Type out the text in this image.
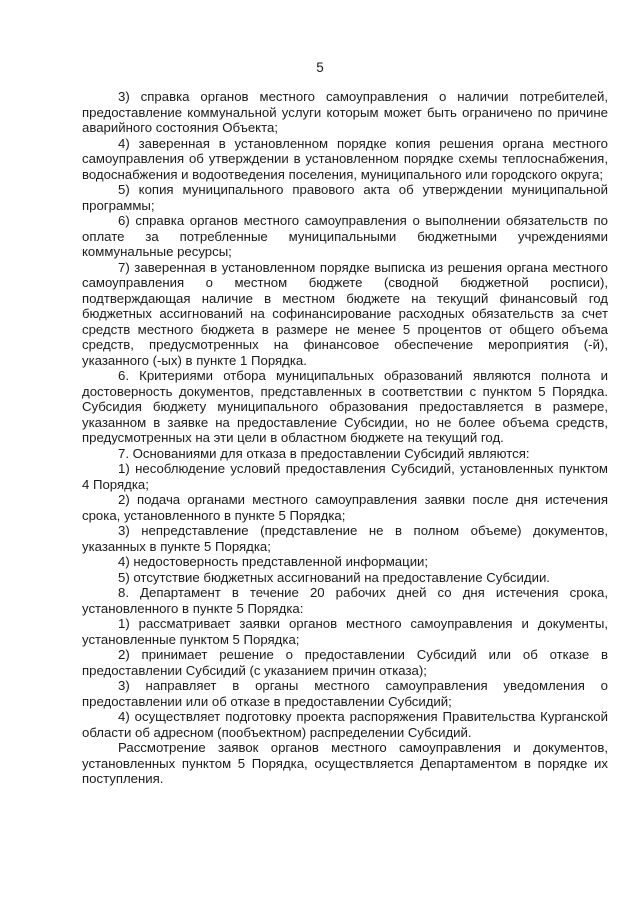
5

3) справка органов местного самоуправления о наличии потребителей, предоставление коммунальной услуги которым может быть ограничено по причине аварийного состояния Объекта;

4) заверенная в установленном порядке копия решения органа местного самоуправления об утверждении в установленном порядке схемы теплоснабжения, водоснабжения и водоотведения поселения, муниципального или городского округа;

5) копия муниципального правового акта об утверждении муниципальной программы;

6) справка органов местного самоуправления о выполнении обязательств по оплате за потребленные муниципальными бюджетными учреждениями коммунальные ресурсы;

7) заверенная в установленном порядке выписка из решения органа местного самоуправления о местном бюджете (сводной бюджетной росписи), подтверждающая наличие в местном бюджете на текущий финансовый год бюджетных ассигнований на софинансирование расходных обязательств за счет средств местного бюджета в размере не менее 5 процентов от общего объема средств, предусмотренных на финансовое обеспечение мероприятия (-й), указанного (-ых) в пункте 1 Порядка.

6. Критериями отбора муниципальных образований являются полнота и достоверность документов, представленных в соответствии с пунктом 5 Порядка. Субсидия бюджету муниципального образования предоставляется в размере, указанном в заявке на предоставление Субсидии, но не более объема средств, предусмотренных на эти цели в областном бюджете на текущий год.

7. Основаниями для отказа в предоставлении Субсидий являются:

1) несоблюдение условий предоставления Субсидий, установленных пунктом 4 Порядка;

2) подача органами местного самоуправления заявки после дня истечения срока, установленного в пункте 5 Порядка;

3) непредставление (представление не в полном объеме) документов, указанных в пункте 5 Порядка;

4) недостоверность представленной информации;

5) отсутствие бюджетных ассигнований на предоставление Субсидии.

8. Департамент в течение 20 рабочих дней со дня истечения срока, установленного в пункте 5 Порядка:

1) рассматривает заявки органов местного самоуправления и документы, установленные пунктом 5 Порядка;

2) принимает решение о предоставлении Субсидий или об отказе в предоставлении Субсидий (с указанием причин отказа);

3) направляет в органы местного самоуправления уведомления о предоставлении или об отказе в предоставлении Субсидий;

4) осуществляет подготовку проекта распоряжения Правительства Курганской области об адресном (пообъектном) распределении Субсидий.

Рассмотрение заявок органов местного самоуправления и документов, установленных пунктом 5 Порядка, осуществляется Департаментом в порядке их поступления.
